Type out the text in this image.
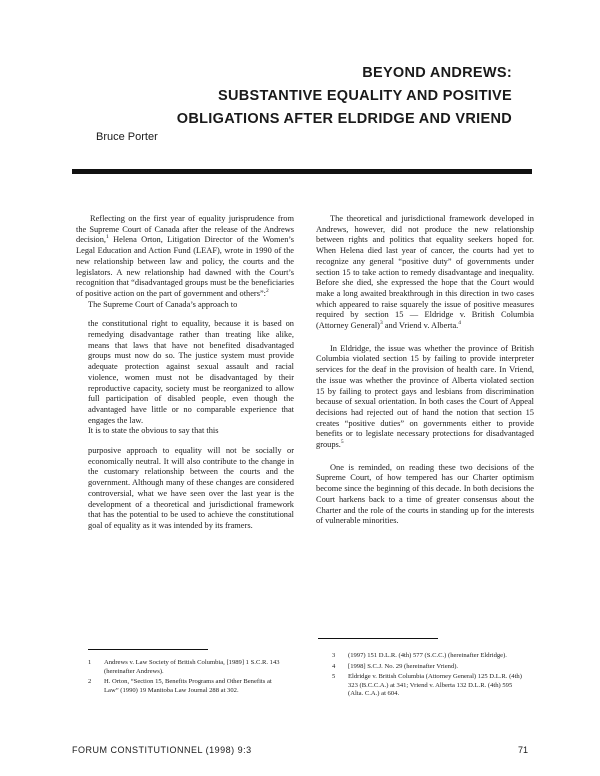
BEYOND ANDREWS:
SUBSTANTIVE EQUALITY AND POSITIVE
OBLIGATIONS AFTER ELDRIDGE AND VRIEND
Bruce Porter

Reflecting on the first year of equality jurisprudence from the Supreme Court of Canada after the release of the Andrews decision,$^1$ Helena Orton, Litigation Director of the Women’s Legal Education and Action Fund (LEAF), wrote in 1990 of the new relationship between law and policy, the courts and the legislators. A new relationship had dawned with the Court’s recognition that “disadvantaged groups must be the beneficiaries of positive action on the part of government and others”:$^2$

The Supreme Court of Canada’s approach to

the constitutional right to equality, because it is based on remedying disadvantage rather than treating like alike, means that laws that have not benefited disadvantaged groups must now do so. The justice system must provide adequate protection against sexual assault and racial violence, women must not be disadvantaged by their reproductive capacity, society must be reorganized to allow full participation of disabled people, even though the advantaged have little or no comparable experience that engages the law.

It is to state the obvious to say that this

purposive approach to equality will not be socially or economically neutral. It will also contribute to the change in the customary relationship between the courts and the government. Although many of these changes are considered controversial, what we have seen over the last year is the development of a theoretical and jurisdictional framework that has the potential to be used to achieve the constitutional goal of equality as it was intended by its framers.

The theoretical and jurisdictional framework developed in Andrews, however, did not produce the new relationship between rights and politics that equality seekers hoped for. When Helena died last year of cancer, the courts had yet to recognize any general “positive duty” of governments under section 15 to take action to remedy disadvantage and inequality. Before she died, she expressed the hope that the Court would make a long awaited breakthrough in this direction in two cases which appeared to raise squarely the issue of positive measures required by section 15 — Eldridge v. British Columbia (Attorney General)$^3$ and Vriend v. Alberta.$^4$

In Eldridge, the issue was whether the province of British Columbia violated section 15 by failing to provide interpreter services for the deaf in the provision of health care. In Vriend, the issue was whether the province of Alberta violated section 15 by failing to protect gays and lesbians from discrimination because of sexual orientation. In both cases the Court of Appeal decisions had rejected out of hand the notion that section 15 creates “positive duties” on governments either to provide benefits or to legislate necessary protections for disadvantaged groups.$^5$

One is reminded, on reading these two decisions of the Supreme Court, of how tempered has our Charter optimism become since the beginning of this decade. In both decisions the Court harkens back to a time of greater consensus about the Charter and the role of the courts in standing up for the interests of vulnerable minorities.

1 Andrews v. Law Society of British Columbia, [1989] 1 S.C.R. 143 (hereinafter Andrews).
2 H. Orton, “Section 15, Benefits Programs and Other Benefits at Law” (1990) 19 Manitoba Law Journal 288 at 302.
3 (1997) 151 D.L.R. (4th) 577 (S.C.C.) (hereinafter Eldridge).
4 [1998] S.C.J. No. 29 (hereinafter Vriend).
5 Eldridge v. British Columbia (Attorney General) 125 D.L.R. (4th) 323 (B.C.C.A.) at 341; Vriend v. Alberta 132 D.L.R. (4th) 595 (Alta. C.A.) at 604.
FORUM CONSTITUTIONNEL (1998) 9:3	71
